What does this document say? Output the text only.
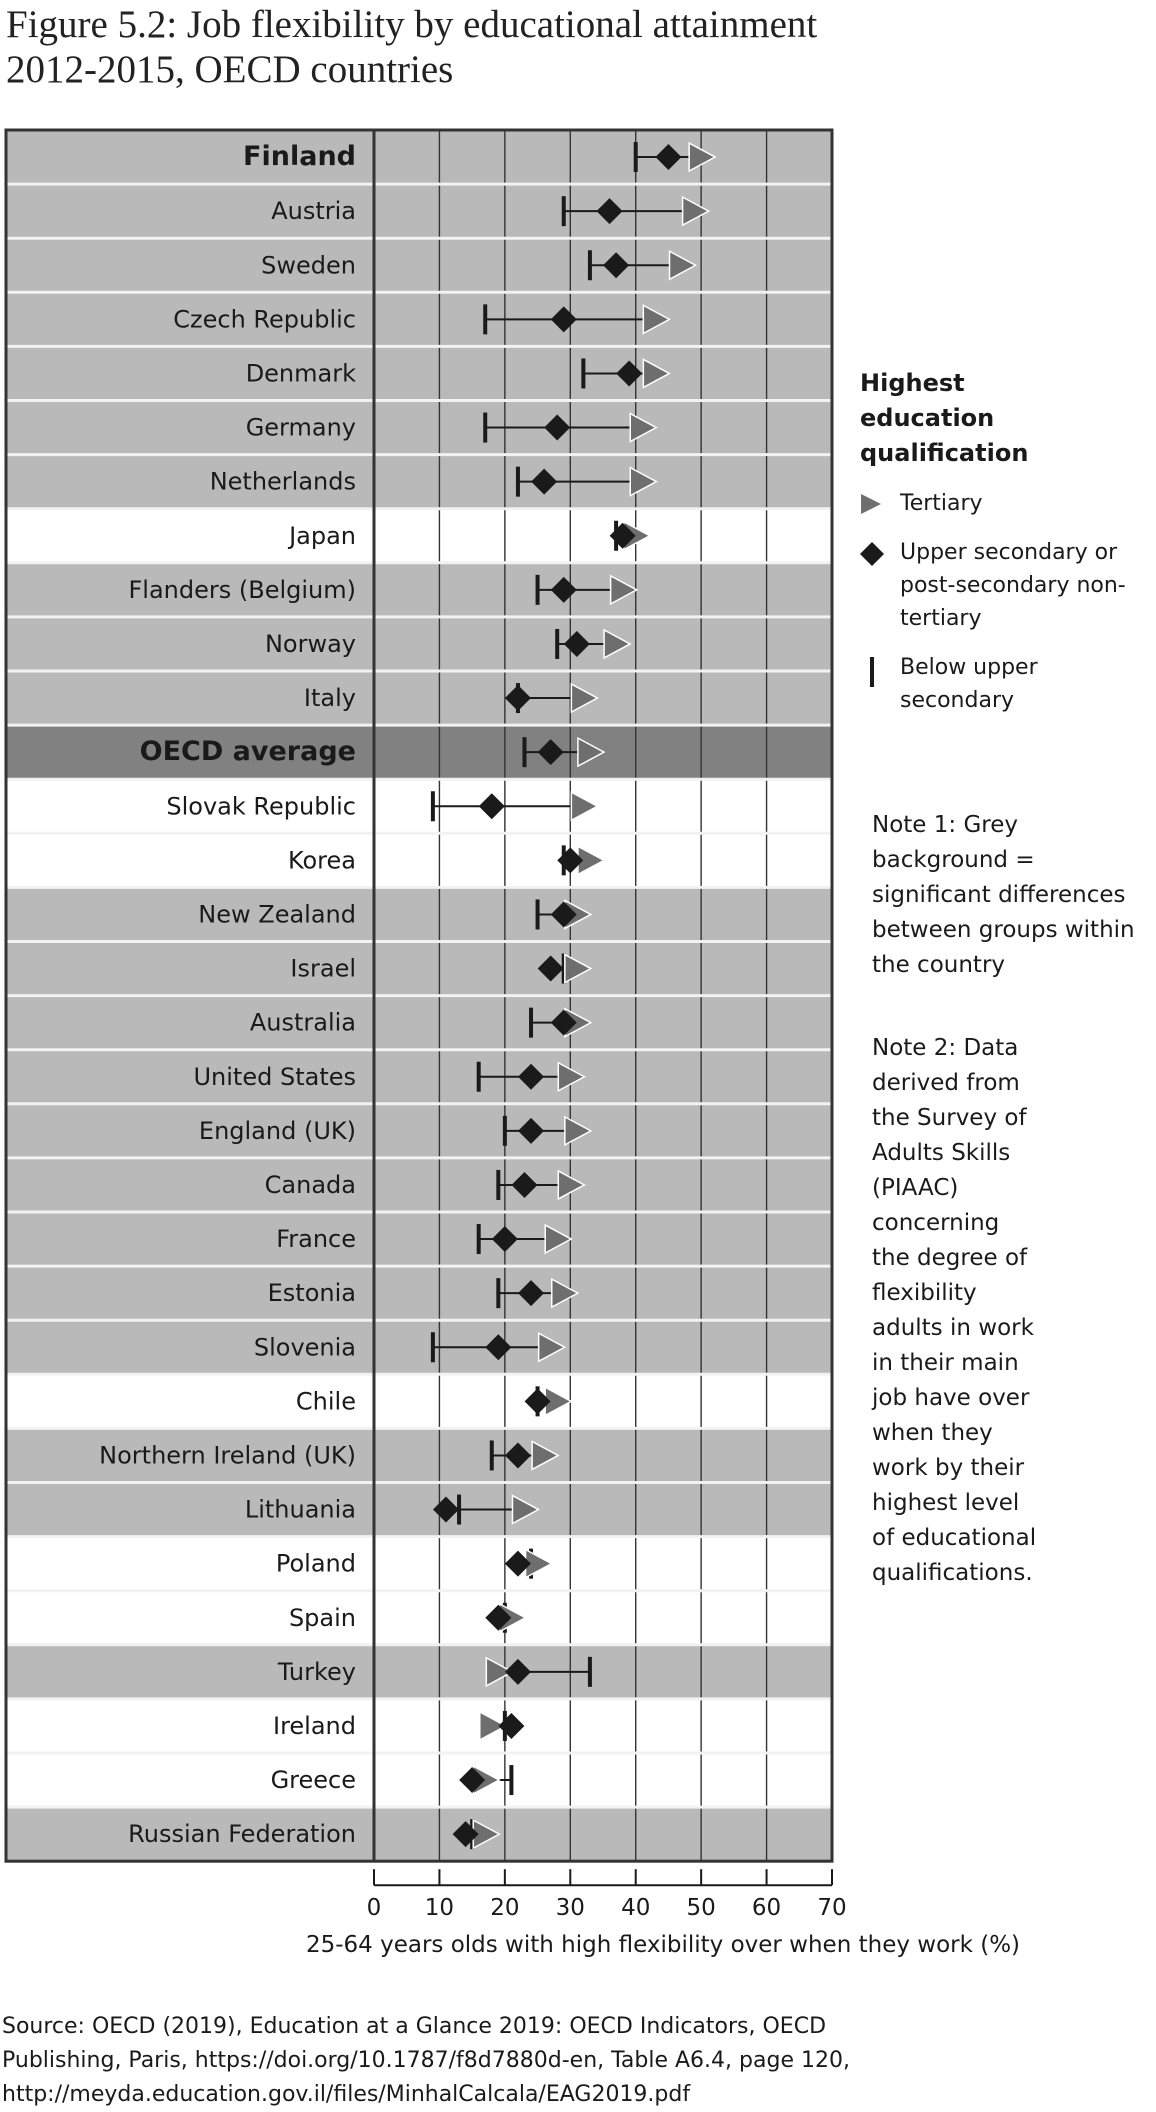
Figure 5.2: Job flexibility by educational attainment
2012-2015, OECD countries
Finland
Austria
Sweden
Czech Republic
Denmark
Germany
Netherlands
Japan
Flanders (Belgium)
Norway
Italy
OECD average
Slovak Republic
Korea
New Zealand
Israel
Australia
United States
England (UK)
Canada
France
Estonia
Slovenia
Chile
Northern Ireland (UK)
Lithuania
Poland
Spain
Turkey
Ireland
Greece
Russian Federation
0 10 20 30 40 50 60 70
25-64 years olds with high flexibility over when they work (%)
Highest education qualification
Tertiary
Upper secondary or post-secondary non-tertiary
Below upper secondary
Note 1: Grey background = significant differences between groups within the country
Note 2: Data derived from the Survey of Adults Skills (PIAAC) concerning the degree of flexibility adults in work in their main job have over when they work by their highest level of educational qualifications.
Source: OECD (2019), Education at a Glance 2019: OECD Indicators, OECD
Publishing, Paris, https://doi.org/10.1787/f8d7880d-en, Table A6.4, page 120,
http://meyda.education.gov.il/files/MinhalCalcala/EAG2019.pdf
